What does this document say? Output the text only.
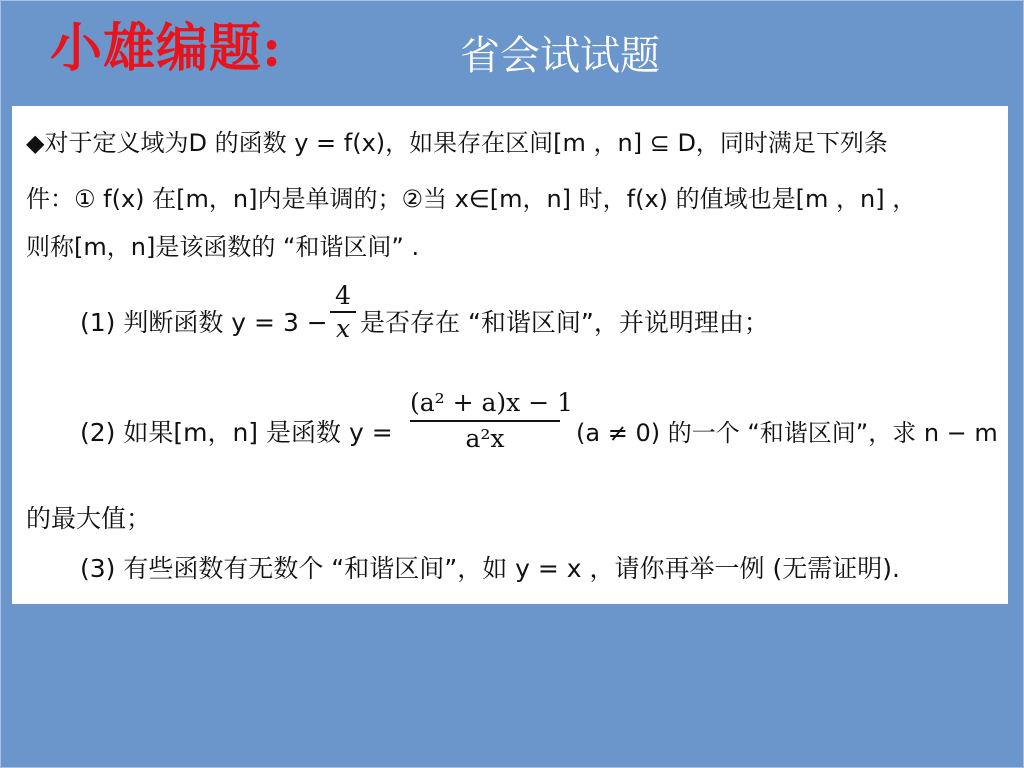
小雄编题:	省会试试题
◆对于定义域为D 的函数 y = f(x)，如果存在区间[m ，n] ⊆ D，同时满足下列条
件：① f(x) 在[m，n]内是单调的；②当 x∈[m，n] 时，f(x) 的值域也是[m ，n] ，
则称[m，n]是该函数的 “和谐区间” .
(1) 判断函数 y = 3 −
4
x 是否存在 “和谐区间”，并说明理由；
(2) 如果[m，n] 是函数 y =
(a² + a)x − 1
a²x	(a ≠ 0) 的一个 “和谐区间”，求 n − m
的最大值；
(3) 有些函数有无数个 “和谐区间”，如 y = x ，请你再举一例 (无需证明).
